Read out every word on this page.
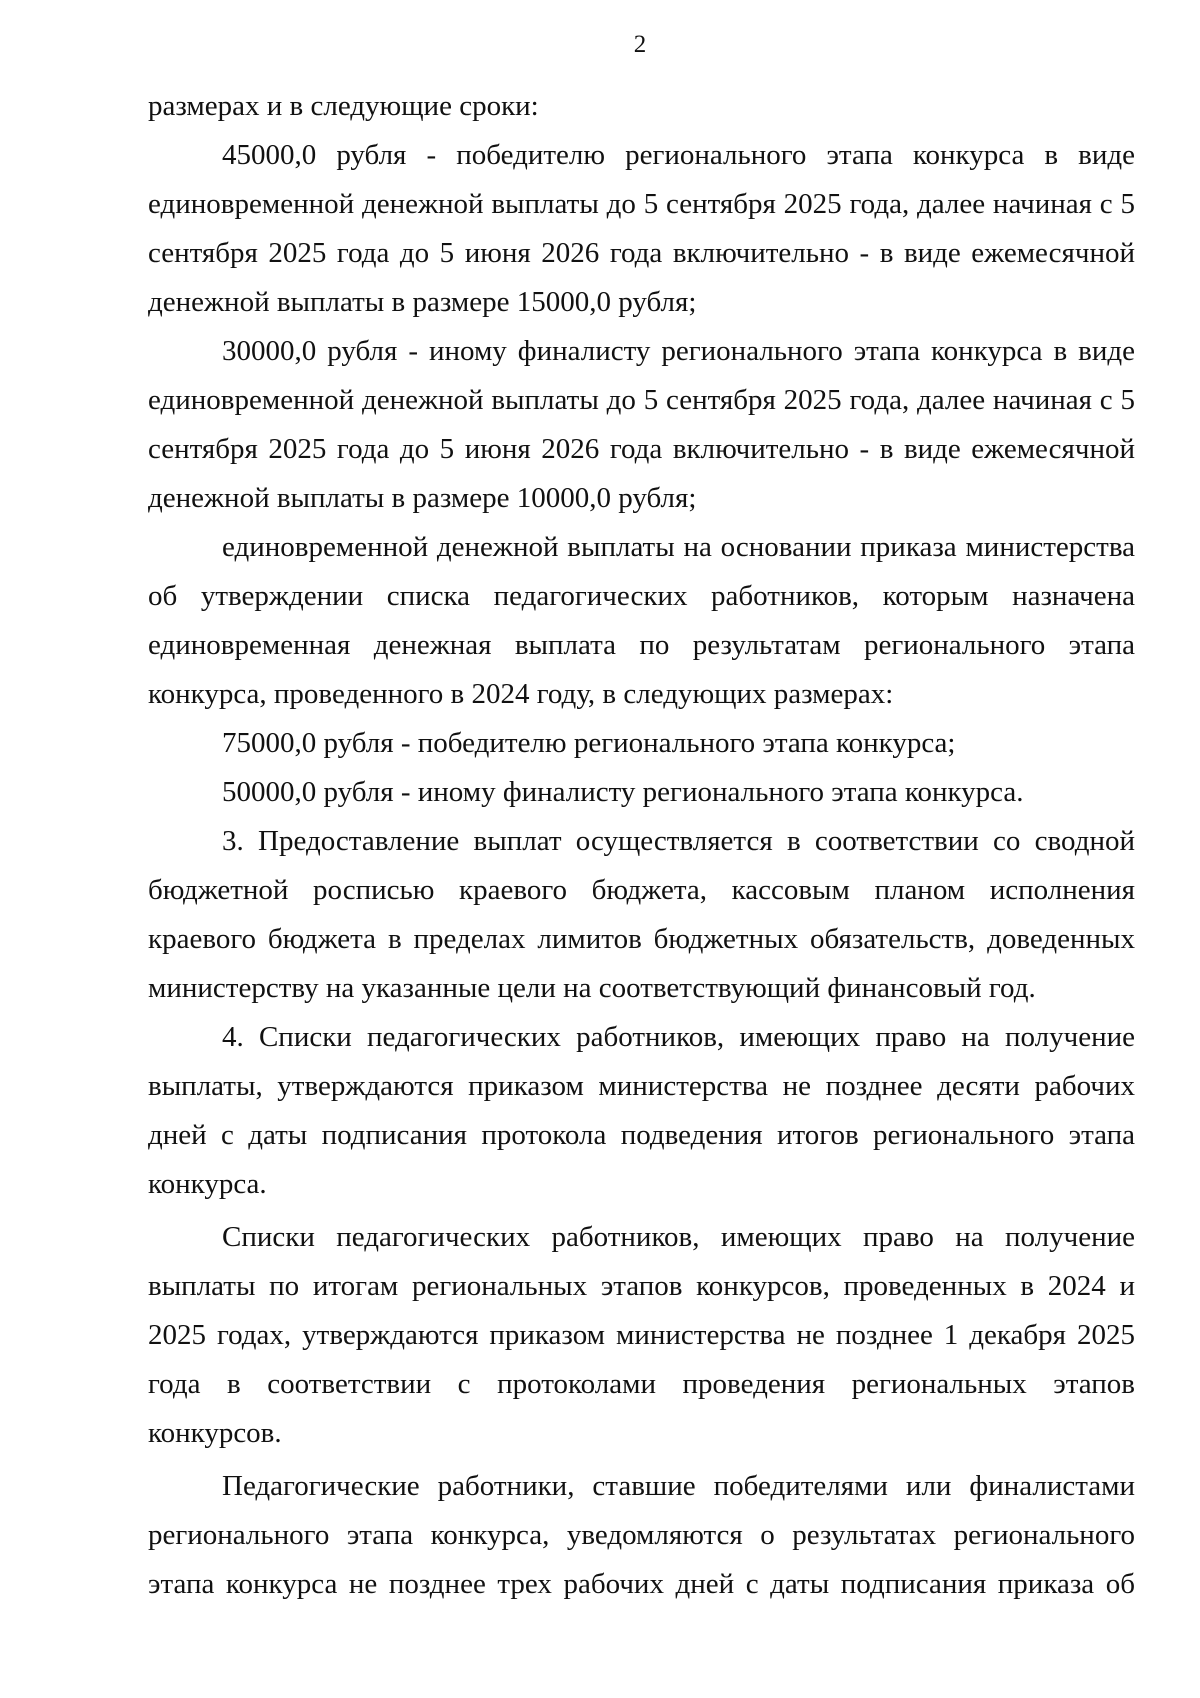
2

размерах и в следующие сроки:

45000,0 рубля - победителю регионального этапа конкурса в виде единовременной денежной выплаты до 5 сентября 2025 года, далее начиная с 5 сентября 2025 года до 5 июня 2026 года включительно - в виде ежемесячной денежной выплаты в размере 15000,0 рубля;

30000,0 рубля - иному финалисту регионального этапа конкурса в виде единовременной денежной выплаты до 5 сентября 2025 года, далее начиная с 5 сентября 2025 года до 5 июня 2026 года включительно - в виде ежемесячной денежной выплаты в размере 10000,0 рубля;

единовременной денежной выплаты на основании приказа министерства об утверждении списка педагогических работников, которым назначена единовременная денежная выплата по результатам регионального этапа конкурса, проведенного в 2024 году, в следующих размерах:

75000,0 рубля - победителю регионального этапа конкурса;

50000,0 рубля - иному финалисту регионального этапа конкурса.

3. Предоставление выплат осуществляется в соответствии со сводной бюджетной росписью краевого бюджета, кассовым планом исполнения краевого бюджета в пределах лимитов бюджетных обязательств, доведенных министерству на указанные цели на соответствующий финансовый год.

4. Списки педагогических работников, имеющих право на получение выплаты, утверждаются приказом министерства не позднее десяти рабочих дней с даты подписания протокола подведения итогов регионального этапа конкурса.

Списки педагогических работников, имеющих право на получение выплаты по итогам региональных этапов конкурсов, проведенных в 2024 и 2025 годах, утверждаются приказом министерства не позднее 1 декабря 2025 года в соответствии с протоколами проведения региональных этапов конкурсов.

Педагогические работники, ставшие победителями или финалистами регионального этапа конкурса, уведомляются о результатах регионального этапа конкурса не позднее трех рабочих дней с даты подписания приказа об
